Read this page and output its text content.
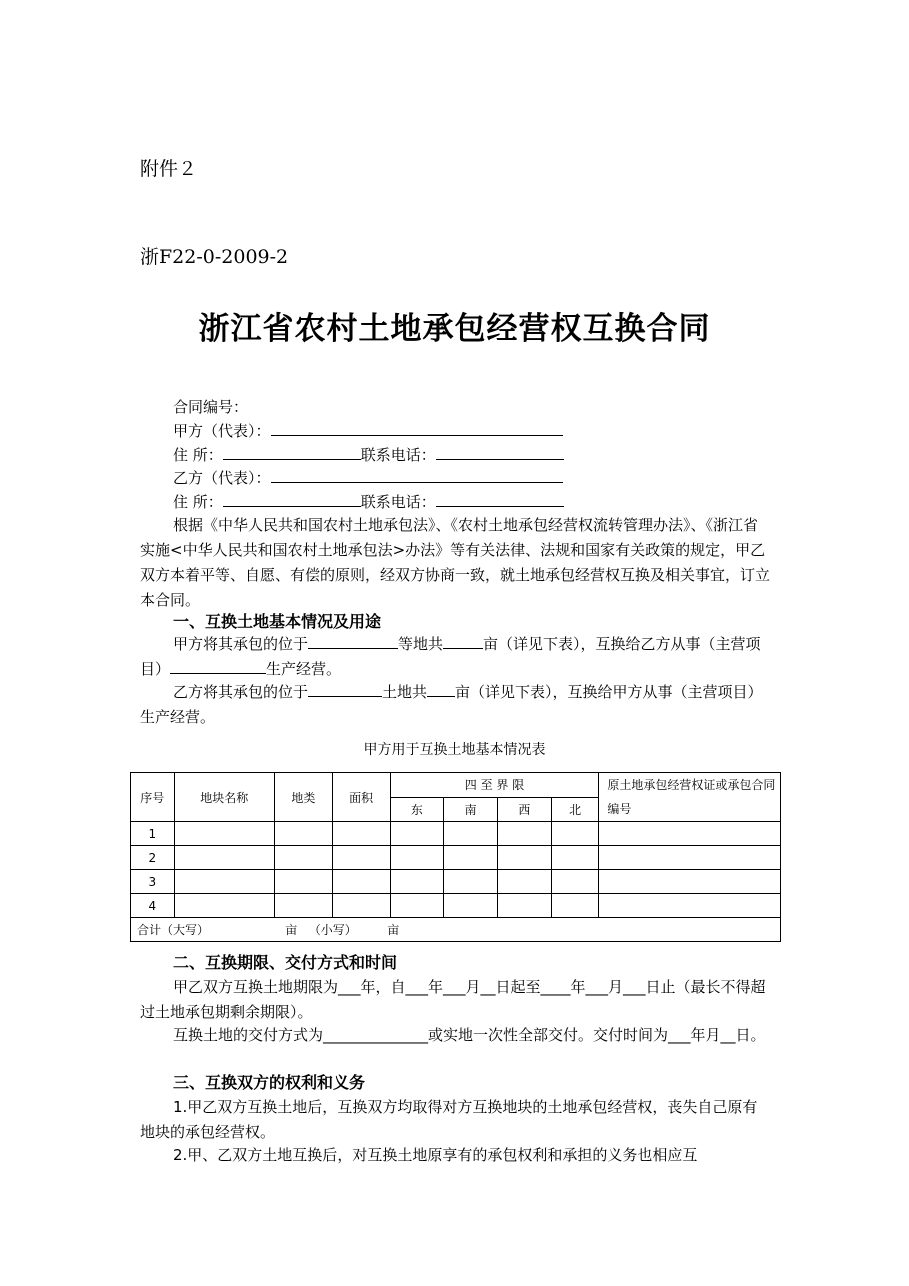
附件２
浙F22-0-2009-2
浙江省农村土地承包经营权互换合同
合同编号：
甲方（代表）：
住 所：	联系电话：
乙方（代表）：
住 所：	联系电话：
根据《中华人民共和国农村土地承包法》、《农村土地承包经营权流转管理办法》、《浙江省实施<中华人民共和国农村土地承包法>办法》等有关法律、法规和国家有关政策的规定，甲乙双方本着平等、自愿、有偿的原则，经双方协商一致，就土地承包经营权互换及相关事宜，订立本合同。
一、互换土地基本情况及用途
甲方将其承包的位于	等地共	亩（详见下表），互换给乙方从事（主营项目）	生产经营。
乙方将其承包的位于	土地共 亩（详见下表），互换给甲方从事（主营项目）生产经营。
甲方用于互换土地基本情况表
序号	地块名称	地类	面积	四 至 界 限				原土地承包经营权证或承包合同编号
				东	南	西	北	
1								
2								
3								
4								
合计（大写）                    亩   （小写）        亩								
二、互换期限、交付方式和时间
甲乙双方互换土地期限为___年，自___年___月__日起至____年___月___日止（最长不得超过土地承包期剩余期限）。
互换土地的交付方式为______________或实地一次性全部交付。交付时间为___年月__日。
三、互换双方的权利和义务
1.甲乙双方互换土地后，互换双方均取得对方互换地块的土地承包经营权，丧失自己原有地块的承包经营权。
2.甲、乙双方土地互换后，对互换土地原享有的承包权利和承担的义务也相应互
